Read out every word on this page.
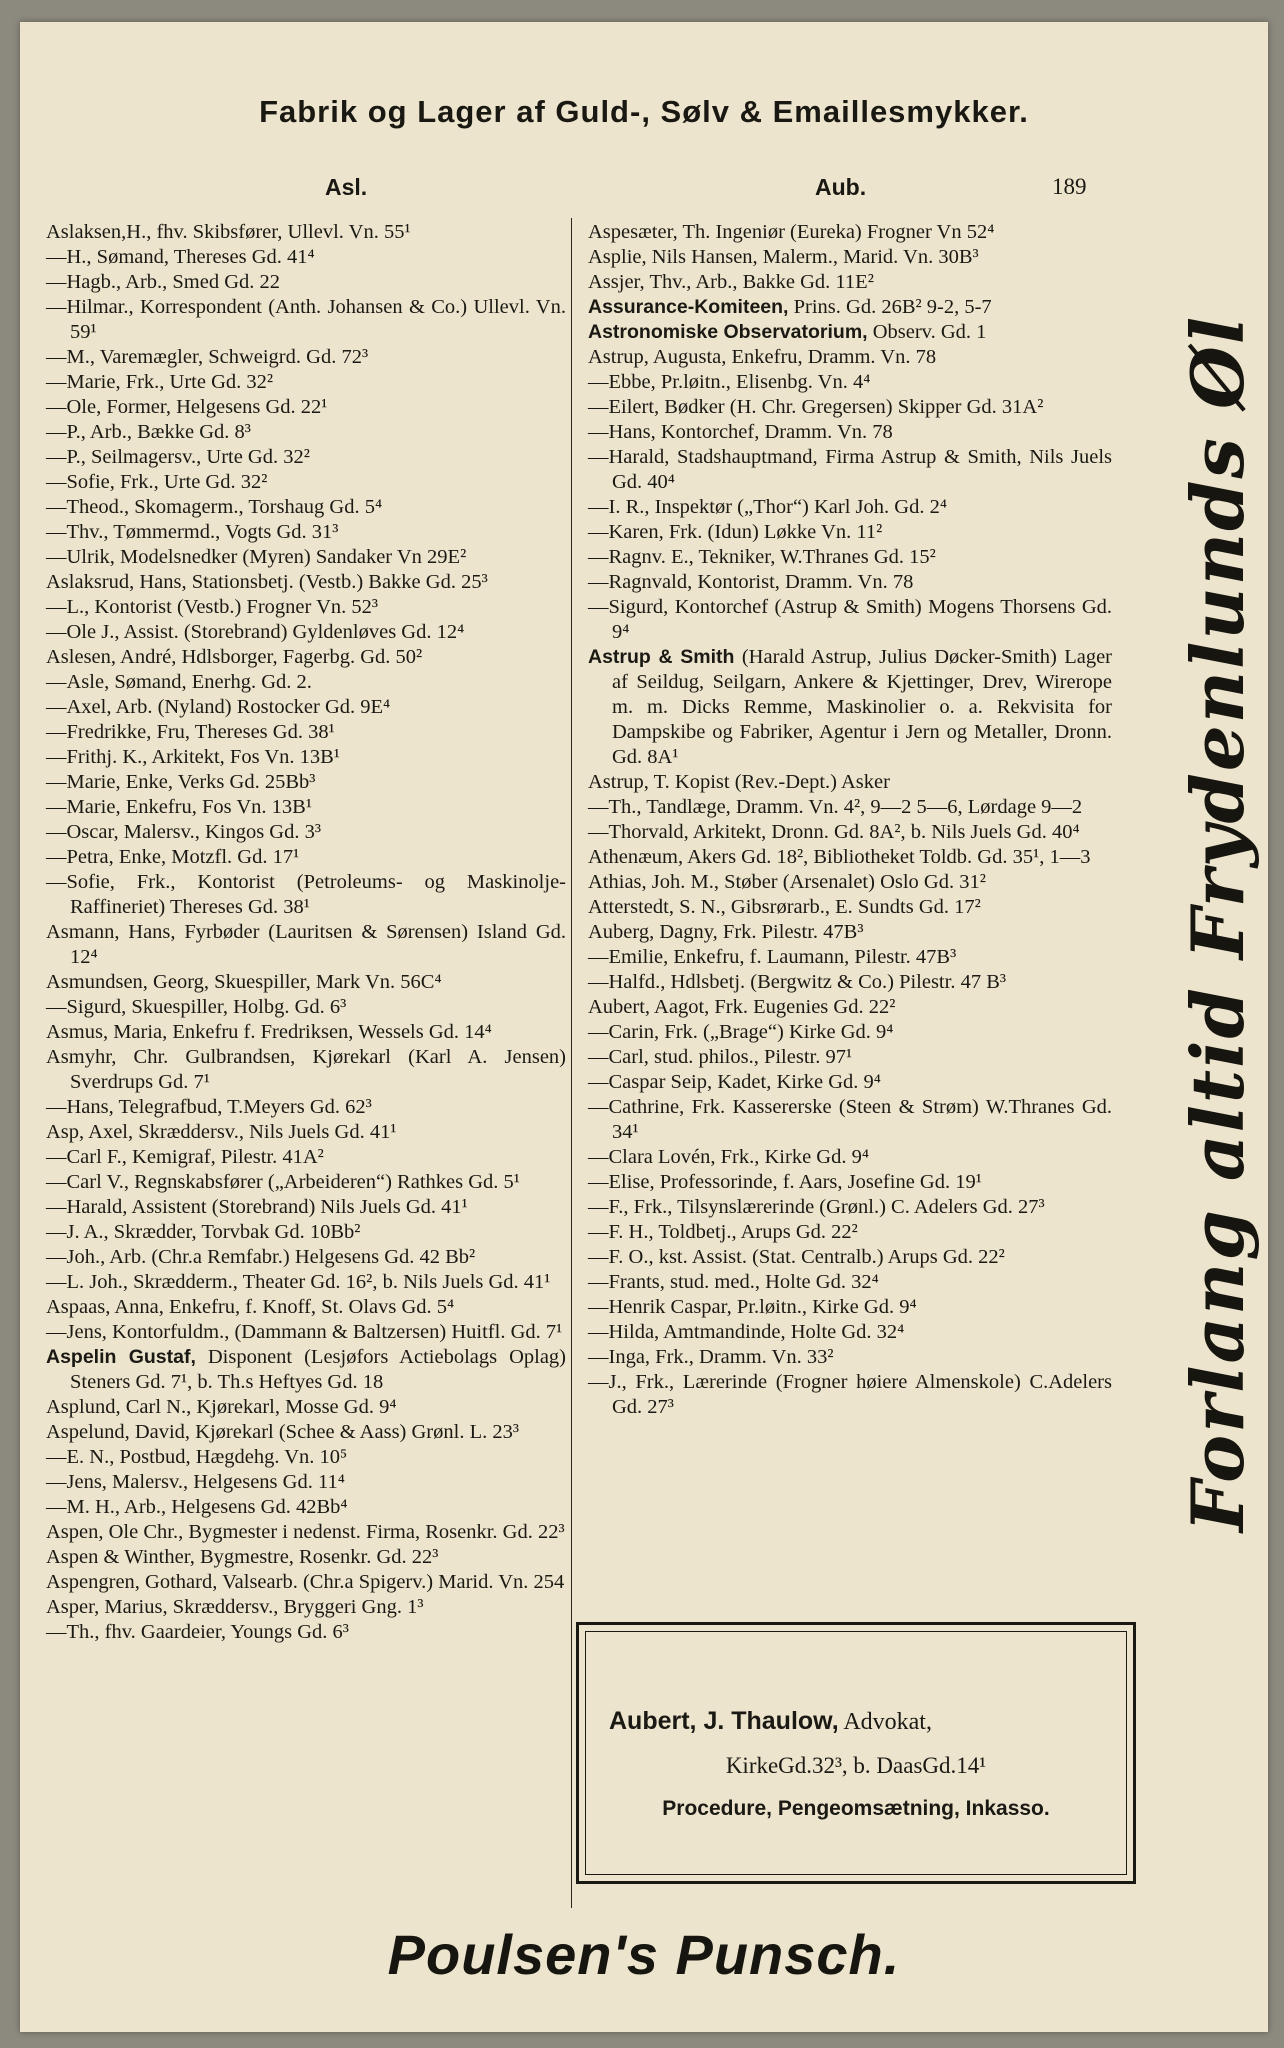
Fabrik og Lager af Guld-, Sølv & Emaillesmykker.
Asl.	Aub.	189
Aslaksen,H., fhv. Skibsfører, Ullevl. Vn. 55¹
—H., Sømand, Thereses Gd. 41⁴
—Hagb., Arb., Smed Gd. 22
—Hilmar., Korrespondent (Anth. Johansen & Co.) Ullevl. Vn. 59¹
—M., Varemægler, Schweigrd. Gd. 72³
—Marie, Frk., Urte Gd. 32²
—Ole, Former, Helgesens Gd. 22¹
—P., Arb., Bække Gd. 8³
—P., Seilmagersv., Urte Gd. 32²
—Sofie, Frk., Urte Gd. 32²
—Theod., Skomagerm., Torshaug Gd. 5⁴
—Thv., Tømmermd., Vogts Gd. 31³
—Ulrik, Modelsnedker (Myren) Sandaker Vn 29E²
Aslaksrud, Hans, Stationsbetj. (Vestb.) Bakke Gd. 25³
—L., Kontorist (Vestb.) Frogner Vn. 52³
—Ole J., Assist. (Storebrand) Gyldenløves Gd. 12⁴
Aslesen, André, Hdlsborger, Fagerbg. Gd. 50²
—Asle, Sømand, Enerhg. Gd. 2.
—Axel, Arb. (Nyland) Rostocker Gd. 9E⁴
—Fredrikke, Fru, Thereses Gd. 38¹
—Frithj. K., Arkitekt, Fos Vn. 13B¹
—Marie, Enke, Verks Gd. 25Bb³
—Marie, Enkefru, Fos Vn. 13B¹
—Oscar, Malersv., Kingos Gd. 3³
—Petra, Enke, Motzfl. Gd. 17¹
—Sofie, Frk., Kontorist (Petroleums- og Maskinolje-Raffineriet) Thereses Gd. 38¹
Asmann, Hans, Fyrbøder (Lauritsen & Sørensen) Island Gd. 12⁴
Asmundsen, Georg, Skuespiller, Mark Vn. 56C⁴
—Sigurd, Skuespiller, Holbg. Gd. 6³
Asmus, Maria, Enkefru f. Fredriksen, Wessels Gd. 14⁴
Asmyhr, Chr. Gulbrandsen, Kjørekarl (Karl A. Jensen) Sverdrups Gd. 7¹
—Hans, Telegrafbud, T.Meyers Gd. 62³
Asp, Axel, Skræddersv., Nils Juels Gd. 41¹
—Carl F., Kemigraf, Pilestr. 41A²
—Carl V., Regnskabsfører („Arbeideren“) Rathkes Gd. 5¹
—Harald, Assistent (Storebrand) Nils Juels Gd. 41¹
—J. A., Skrædder, Torvbak Gd. 10Bb²
—Joh., Arb. (Chr.a Remfabr.) Helgesens Gd. 42 Bb²
—L. Joh., Skrædderm., Theater Gd. 16², b. Nils Juels Gd. 41¹
Aspaas, Anna, Enkefru, f. Knoff, St. Olavs Gd. 5⁴
—Jens, Kontorfuldm., (Dammann & Baltzersen) Huitfl. Gd. 7¹
Aspelin Gustaf, Disponent (Lesjøfors Actiebolags Oplag) Steners Gd. 7¹, b. Th.s Heftyes Gd. 18
Asplund, Carl N., Kjørekarl, Mosse Gd. 9⁴
Aspelund, David, Kjørekarl (Schee & Aass) Grønl. L. 23³
—E. N., Postbud, Hægdehg. Vn. 10⁵
—Jens, Malersv., Helgesens Gd. 11⁴
—M. H., Arb., Helgesens Gd. 42Bb⁴
Aspen, Ole Chr., Bygmester i nedenst. Firma, Rosenkr. Gd. 22³
Aspen & Winther, Bygmestre, Rosenkr. Gd. 22³
Aspengren, Gothard, Valsearb. (Chr.a Spigerv.) Marid. Vn. 254
Asper, Marius, Skræddersv., Bryggeri Gng. 1³
—Th., fhv. Gaardeier, Youngs Gd. 6³
Aspesæter, Th. Ingeniør (Eureka) Frogner Vn 52⁴
Asplie, Nils Hansen, Malerm., Marid. Vn. 30B³
Assjer, Thv., Arb., Bakke Gd. 11E²
Assurance-Komiteen, Prins. Gd. 26B² 9-2, 5-7
Astronomiske Observatorium, Observ. Gd. 1
Astrup, Augusta, Enkefru, Dramm. Vn. 78
—Ebbe, Pr.løitn., Elisenbg. Vn. 4⁴
—Eilert, Bødker (H. Chr. Gregersen) Skipper Gd. 31A²
—Hans, Kontorchef, Dramm. Vn. 78
—Harald, Stadshauptmand, Firma Astrup & Smith, Nils Juels Gd. 40⁴
—I. R., Inspektør („Thor“) Karl Joh. Gd. 2⁴
—Karen, Frk. (Idun) Løkke Vn. 11²
—Ragnv. E., Tekniker, W.Thranes Gd. 15²
—Ragnvald, Kontorist, Dramm. Vn. 78
—Sigurd, Kontorchef (Astrup & Smith) Mogens Thorsens Gd. 9⁴
Astrup & Smith (Harald Astrup, Julius Døcker-Smith) Lager af Seildug, Seilgarn, Ankere & Kjettinger, Drev, Wirerope m. m. Dicks Remme, Maskinolier o. a. Rekvisita for Dampskibe og Fabriker, Agentur i Jern og Metaller, Dronn. Gd. 8A¹
Astrup, T. Kopist (Rev.-Dept.) Asker
—Th., Tandlæge, Dramm. Vn. 4², 9—2 5—6, Lørdage 9—2
—Thorvald, Arkitekt, Dronn. Gd. 8A², b. Nils Juels Gd. 40⁴
Athenæum, Akers Gd. 18², Bibliotheket Toldb. Gd. 35¹, 1—3
Athias, Joh. M., Støber (Arsenalet) Oslo Gd. 31²
Atterstedt, S. N., Gibsrørarb., E. Sundts Gd. 17²
Auberg, Dagny, Frk. Pilestr. 47B³
—Emilie, Enkefru, f. Laumann, Pilestr. 47B³
—Halfd., Hdlsbetj. (Bergwitz & Co.) Pilestr. 47 B³
Aubert, Aagot, Frk. Eugenies Gd. 22²
—Carin, Frk. („Brage“) Kirke Gd. 9⁴
—Carl, stud. philos., Pilestr. 97¹
—Caspar Seip, Kadet, Kirke Gd. 9⁴
—Cathrine, Frk. Kassererske (Steen & Strøm) W.Thranes Gd. 34¹
—Clara Lovén, Frk., Kirke Gd. 9⁴
—Elise, Professorinde, f. Aars, Josefine Gd. 19¹
—F., Frk., Tilsynslærerinde (Grønl.) C. Adelers Gd. 27³
—F. H., Toldbetj., Arups Gd. 22²
—F. O., kst. Assist. (Stat. Centralb.) Arups Gd. 22²
—Frants, stud. med., Holte Gd. 32⁴
—Henrik Caspar, Pr.løitn., Kirke Gd. 9⁴
—Hilda, Amtmandinde, Holte Gd. 32⁴
—Inga, Frk., Dramm. Vn. 33²
—J., Frk., Lærerinde (Frogner høiere Almenskole) C.Adelers Gd. 27³
Aubert, J. Thaulow, Advokat,
KirkeGd.32³, b. DaasGd.14¹
Procedure, Pengeomsætning, Inkasso.
Forlang altid Frydenlunds Øl
Poulsen's Punsch.
